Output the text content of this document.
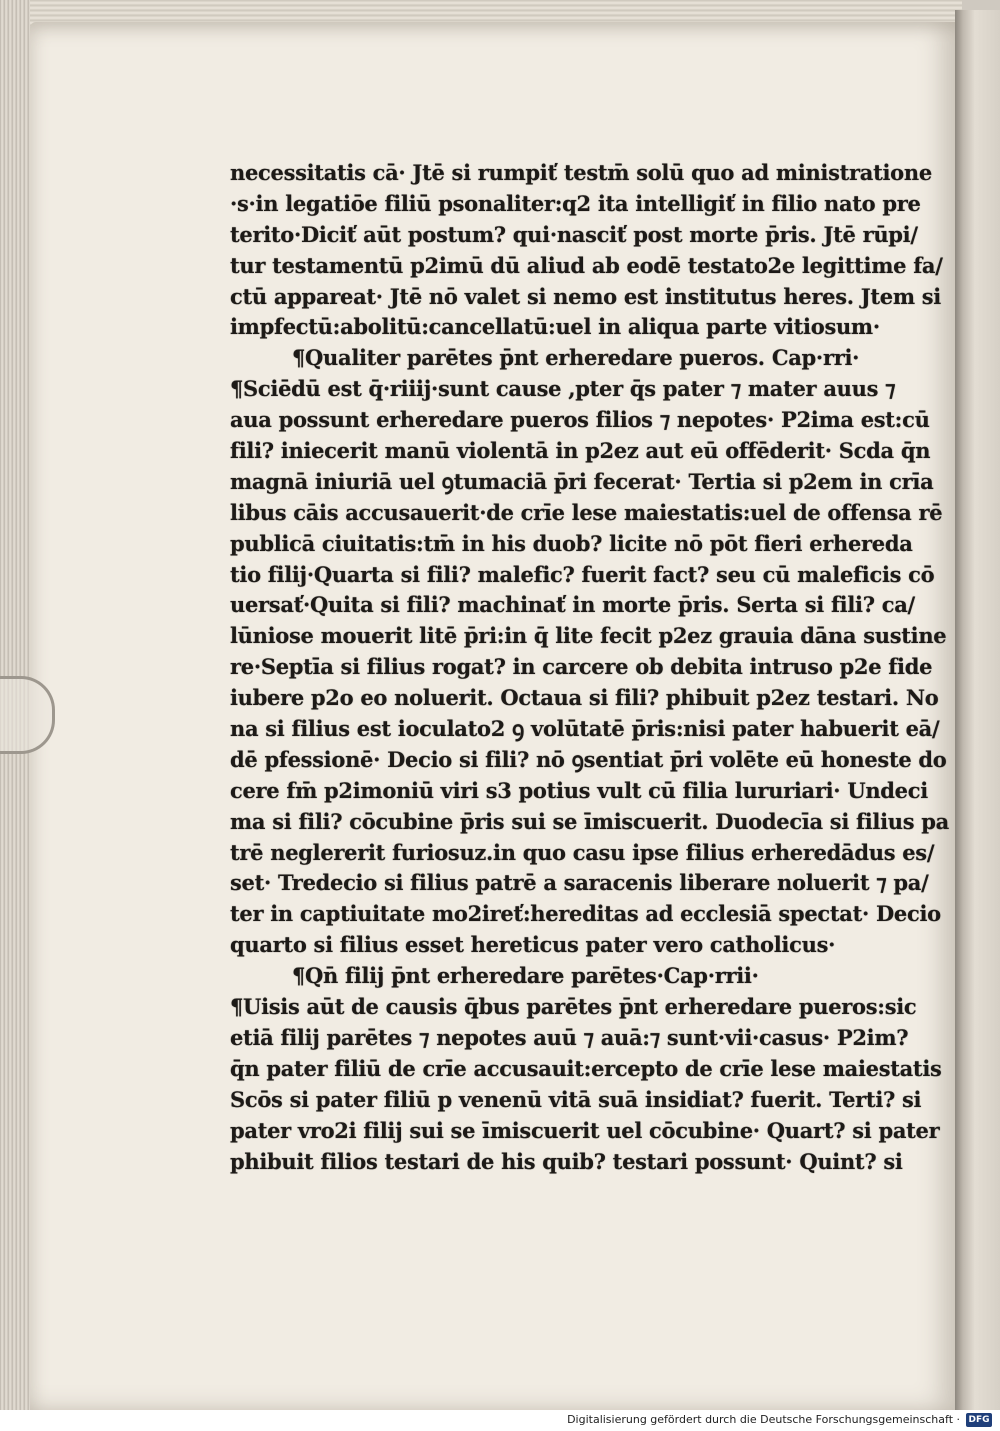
necessitatis cā· Jtē si rumpiť testm̄ solū quo ad ministratione
·s·in legatiōe filiū psonaliter:q2 ita intelligiť in filio nato pre
terito·Diciť aūt postum? qui·nasciť post morte p̄ris. Jtē rūpi/
tur testamentū p2imū dū aliud ab eodē testato2e legittime fa/
ctū appareat· Jtē nō valet si nemo est institutus heres. Jtem si
impfectū:abolitū:cancellatū:uel in aliqua parte vitiosum·
¶Qualiter parētes p̄nt erheredare pueros. Cap·rri·
¶Sciēdū est q̄·riiij·sunt cause ,pter q̄s pater ⁊ mater auus ⁊
aua possunt erheredare pueros filios ⁊ nepotes· P2ima est:cū
fili? iniecerit manū violentā in p2ez aut eū offēderit· Scda q̄n
magnā iniuriā uel ꝯtumaciā p̄ri fecerat· Tertia si p2em in crīa
libus cāis accusauerit·de crīe lese maiestatis:uel de offensa rē
publicā ciuitatis:tm̄ in his duob? licite nō pōt fieri erhereda
tio filij·Quarta si fili? malefic? fuerit fact? seu cū maleficis cō
uersať·Quita si fili? machinať in morte p̄ris. Serta si fili? ca/
lūniose mouerit litē p̄ri:in q̄ lite fecit p2ez grauia dāna sustine
re·Septīa si filius rogat? in carcere ob debita intruso p2e fide
iubere p2o eo noluerit. Octaua si fili? phibuit p2ez testari. No
na si filius est ioculato2 ꝯ volūtatē p̄ris:nisi pater habuerit eā/
dē pfessionē· Decio si fili? nō ꝯsentiat p̄ri volēte eū honeste do
cere fm̄ p2imoniū viri s3 potius vult cū filia lururiari· Undeci
ma si fili? cōcubine p̄ris sui se īmiscuerit. Duodecīa si filius pa
trē neglererit furiosuz.in quo casu ipse filius erheredādus es/
set· Tredecio si filius patrē a saracenis liberare noluerit ⁊ pa/
ter in captiuitate mo2ireť:hereditas ad ecclesiā spectat· Decio
quarto si filius esset hereticus pater vero catholicus·
¶Qn̄ filij p̄nt erheredare parētes·Cap·rrii·
¶Uisis aūt de causis q̄bus parētes p̄nt erheredare pueros:sic
etiā filij parētes ⁊ nepotes auū ⁊ auā:⁊ sunt·vii·casus· P2im?
q̄n pater filiū de crīe accusauit:ercepto de crīe lese maiestatis
Scōs si pater filiū p venenū vitā suā insidiat? fuerit. Terti? si
pater vro2i filij sui se īmiscuerit uel cōcubine· Quart? si pater
phibuit filios testari de his quib? testari possunt· Quint? si
Digitalisierung gefördert durch die Deutsche Forschungsgemeinschaft · DFG
